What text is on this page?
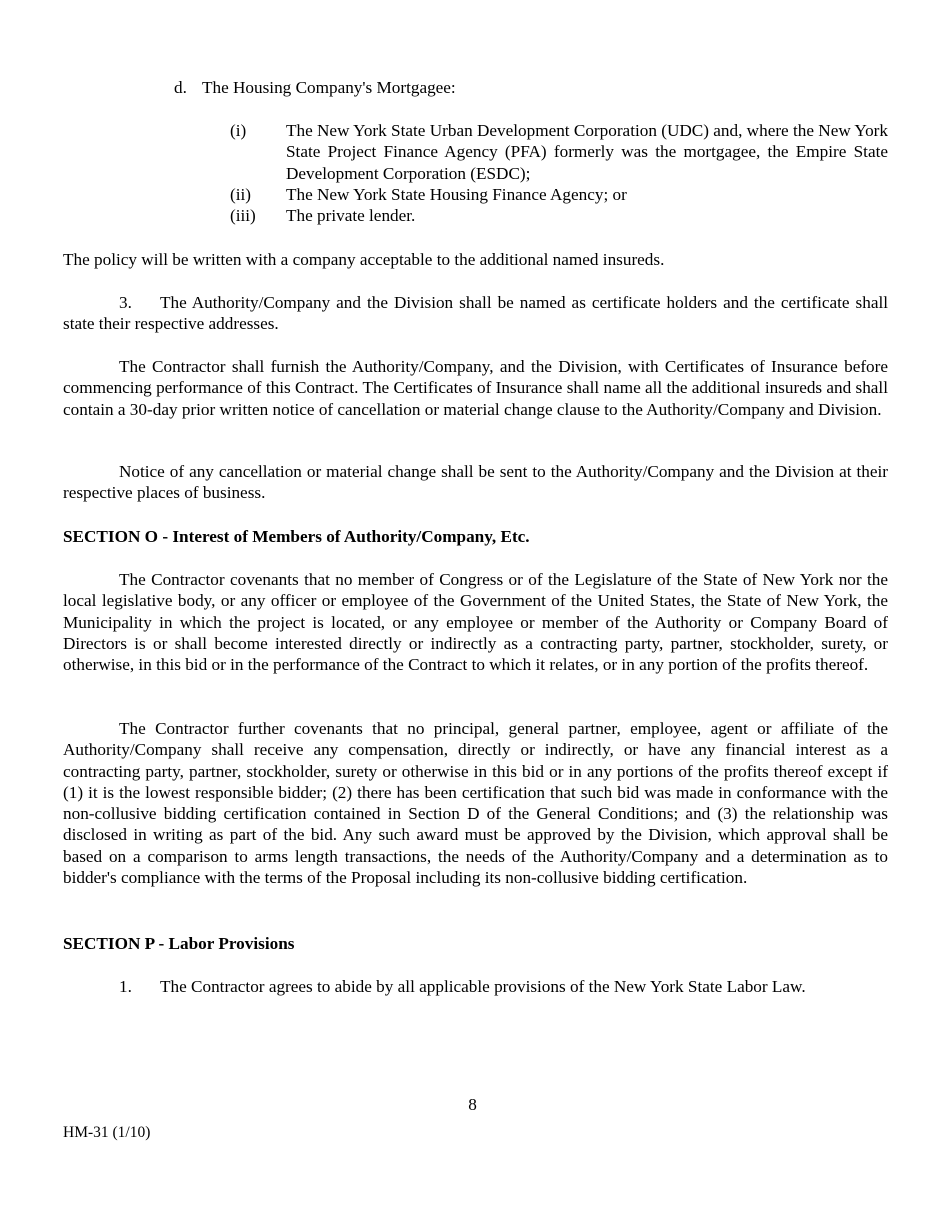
d. The Housing Company's Mortgagee:
(i)	The New York State Urban Development Corporation (UDC) and, where the New York State Project Finance Agency (PFA) formerly was the mortgagee, the Empire State Development Corporation (ESDC);
(ii)	The New York State Housing Finance Agency; or
(iii)	The private lender.
The policy will be written with a company acceptable to the additional named insureds.
3. The Authority/Company and the Division shall be named as certificate holders and the certificate shall state their respective addresses.
The Contractor shall furnish the Authority/Company, and the Division, with Certificates of Insurance before commencing performance of this Contract. The Certificates of Insurance shall name all the additional insureds and shall contain a 30-day prior written notice of cancellation or material change clause to the Authority/Company and Division.
Notice of any cancellation or material change shall be sent to the Authority/Company and the Division at their respective places of business.
SECTION O - Interest of Members of Authority/Company, Etc.
The Contractor covenants that no member of Congress or of the Legislature of the State of New York nor the local legislative body, or any officer or employee of the Government of the United States, the State of New York, the Municipality in which the project is located, or any employee or member of the Authority or Company Board of Directors is or shall become interested directly or indirectly as a contracting party, partner, stockholder, surety, or otherwise, in this bid or in the performance of the Contract to which it relates, or in any portion of the profits thereof.
The Contractor further covenants that no principal, general partner, employee, agent or affiliate of the Authority/Company shall receive any compensation, directly or indirectly, or have any financial interest as a contracting party, partner, stockholder, surety or otherwise in this bid or in any portions of the profits thereof except if (1) it is the lowest responsible bidder; (2) there has been certification that such bid was made in conformance with the non-collusive bidding certification contained in Section D of the General Conditions; and (3) the relationship was disclosed in writing as part of the bid. Any such award must be approved by the Division, which approval shall be based on a comparison to arms length transactions, the needs of the Authority/Company and a determination as to bidder's compliance with the terms of the Proposal including its non-collusive bidding certification.
SECTION P - Labor Provisions
1.	The Contractor agrees to abide by all applicable provisions of the New York State Labor Law.
8
HM-31 (1/10)
